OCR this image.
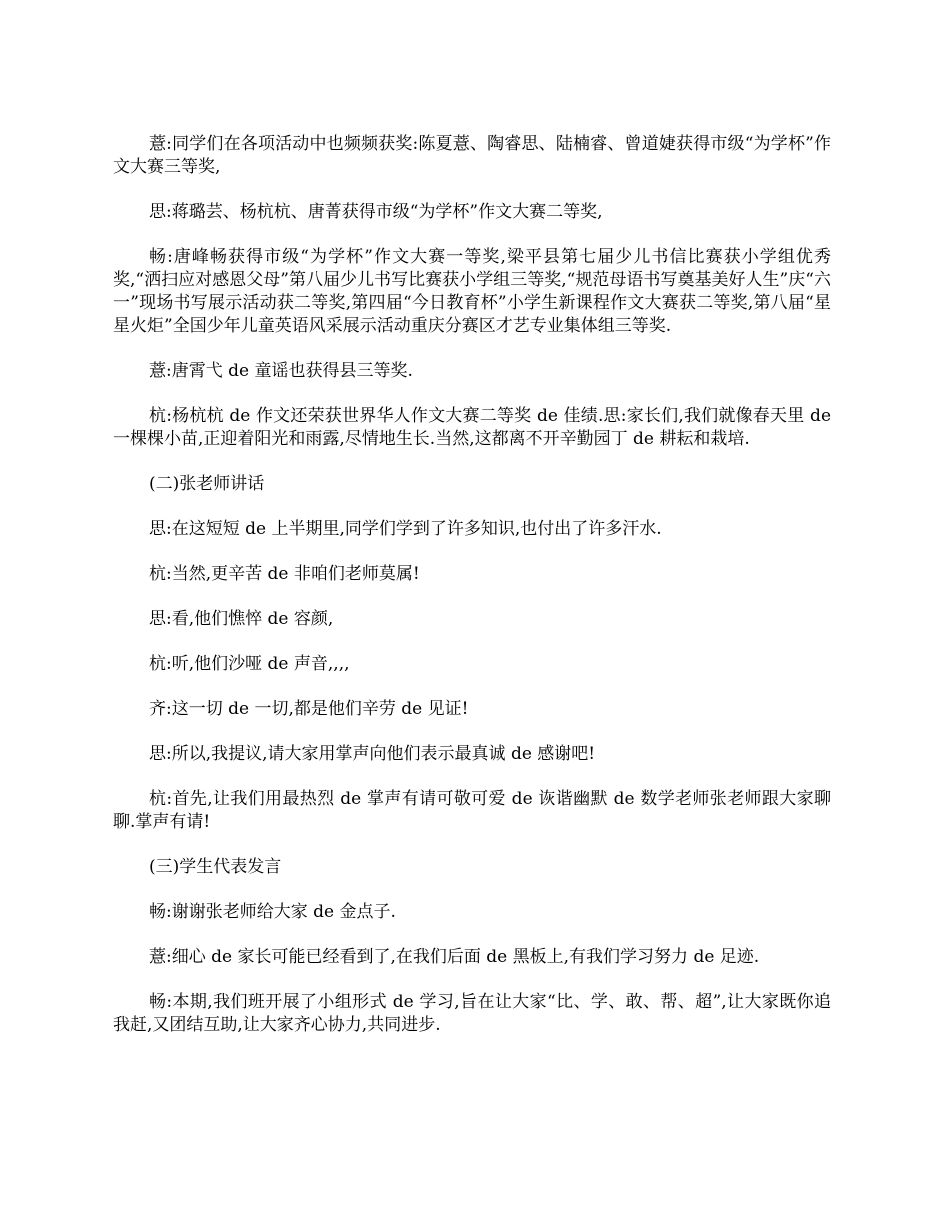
薏:同学们在各项活动中也频频获奖:陈夏薏、陶睿思、陆楠睿、曾道婕获得市级“为学杯”作文大赛三等奖,

思:蒋璐芸、杨杭杭、唐菁获得市级“为学杯”作文大赛二等奖,

畅:唐峰畅获得市级“为学杯”作文大赛一等奖,梁平县第七届少儿书信比赛获小学组优秀奖,“洒扫应对感恩父母”第八届少儿书写比赛获小学组三等奖,“规范母语书写奠基美好人生”庆“六一”现场书写展示活动获二等奖,第四届“今日教育杯”小学生新课程作文大赛获二等奖,第八届“星星火炬”全国少年儿童英语风采展示活动重庆分赛区才艺专业集体组三等奖.

薏:唐霄弋 de 童谣也获得县三等奖.

杭:杨杭杭 de 作文还荣获世界华人作文大赛二等奖 de 佳绩.思:家长们,我们就像春天里 de 一棵棵小苗,正迎着阳光和雨露,尽情地生长.当然,这都离不开辛勤园丁 de 耕耘和栽培.

(二)张老师讲话

思:在这短短 de 上半期里,同学们学到了许多知识,也付出了许多汗水.

杭:当然,更辛苦 de 非咱们老师莫属!

思:看,他们憔悴 de 容颜,

杭:听,他们沙哑 de 声音,,,,

齐:这一切 de 一切,都是他们辛劳 de 见证!

思:所以,我提议,请大家用掌声向他们表示最真诚 de 感谢吧!

杭:首先,让我们用最热烈 de 掌声有请可敬可爱 de 诙谐幽默 de 数学老师张老师跟大家聊聊.掌声有请!

(三)学生代表发言

畅:谢谢张老师给大家 de 金点子.

薏:细心 de 家长可能已经看到了,在我们后面 de 黑板上,有我们学习努力 de 足迹.

畅:本期,我们班开展了小组形式 de 学习,旨在让大家“比、学、敢、帮、超”,让大家既你追我赶,又团结互助,让大家齐心协力,共同进步.
